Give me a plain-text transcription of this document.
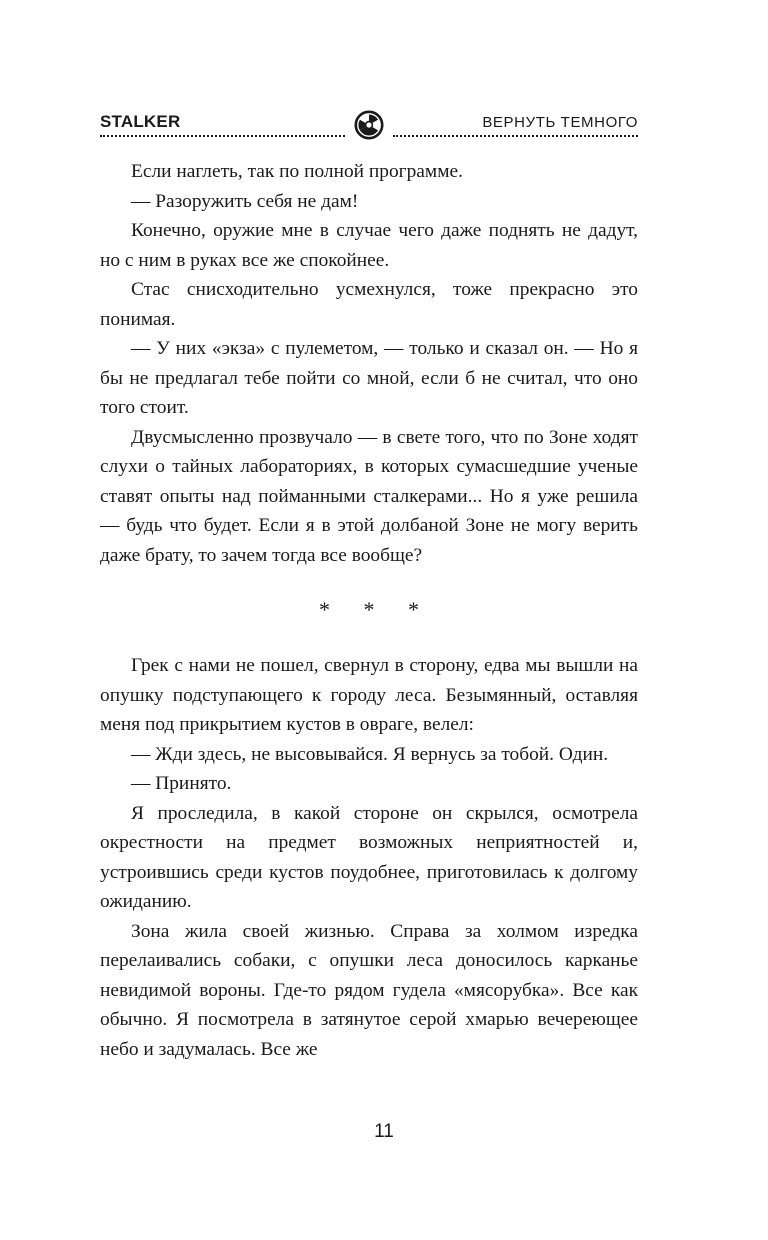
STALKER	ВЕРНУТЬ ТЕМНОГО

Если наглеть, так по полной программе.

— Разоружить себя не дам!

Конечно, оружие мне в случае чего даже поднять не дадут, но с ним в руках все же спокойнее.

Стас снисходительно усмехнулся, тоже прекрасно это понимая.

— У них «экза» с пулеметом, — только и сказал он. — Но я бы не предлагал тебе пойти со мной, если б не считал, что оно того стоит.

Двусмысленно прозвучало — в свете того, что по Зоне ходят слухи о тайных лабораториях, в которых сумасшедшие ученые ставят опыты над пойманными сталкерами... Но я уже решила — будь что будет. Если я в этой долбаной Зоне не могу верить даже брату, то зачем тогда все вообще?

* * *

Грек с нами не пошел, свернул в сторону, едва мы вышли на опушку подступающего к городу леса. Безымянный, оставляя меня под прикрытием кустов в овраге, велел:

— Жди здесь, не высовывайся. Я вернусь за тобой. Один.

— Принято.

Я проследила, в какой стороне он скрылся, осмотрела окрестности на предмет возможных неприятностей и, устроившись среди кустов поудобнее, приготовилась к долгому ожиданию.

Зона жила своей жизнью. Справа за холмом изредка перелаивались собаки, с опушки леса доносилось карканье невидимой вороны. Где-то рядом гудела «мясорубка». Все как обычно. Я посмотрела в затянутое серой хмарью вечереющее небо и задумалась. Все же

11
